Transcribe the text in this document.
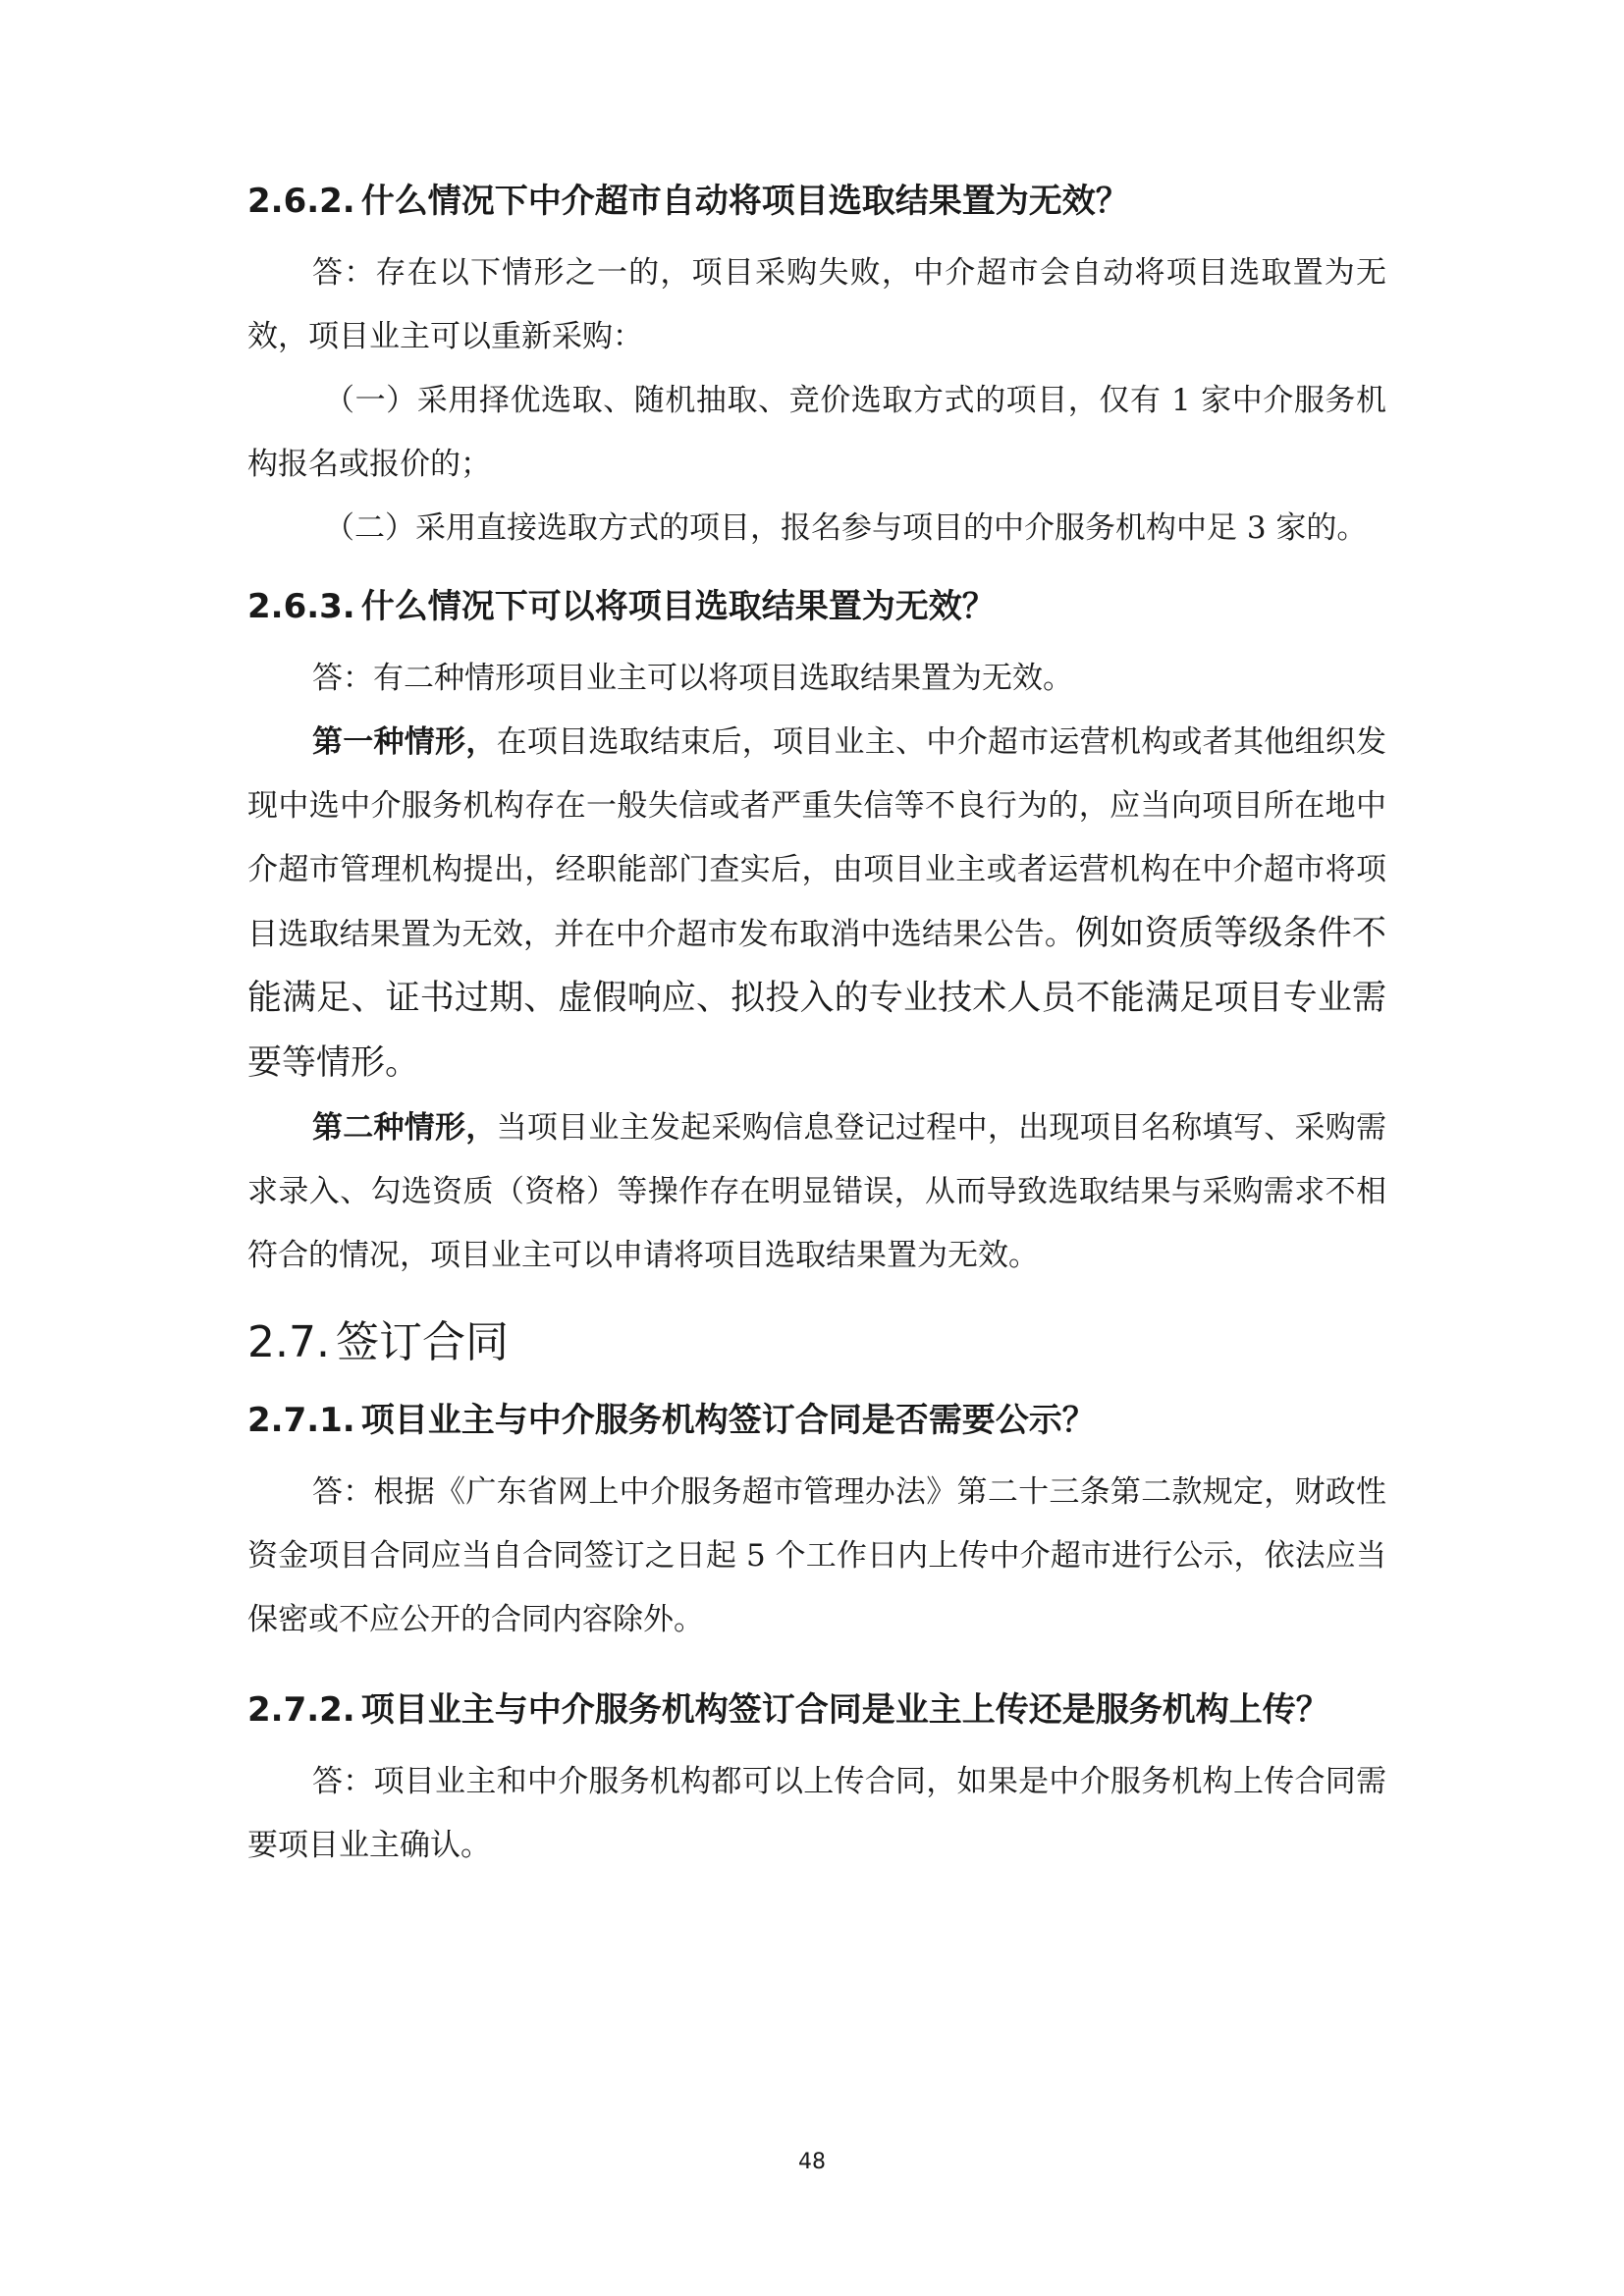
2.6.2. 什么情况下中介超市自动将项目选取结果置为无效？

答：存在以下情形之一的，项目采购失败，中介超市会自动将项目选取置为无效，项目业主可以重新采购：

（一）采用择优选取、随机抽取、竞价选取方式的项目，仅有 1 家中介服务机构报名或报价的；

（二）采用直接选取方式的项目，报名参与项目的中介服务机构中足 3 家的。

2.6.3. 什么情况下可以将项目选取结果置为无效？

答：有二种情形项目业主可以将项目选取结果置为无效。

第一种情形，在项目选取结束后，项目业主、中介超市运营机构或者其他组织发现中选中介服务机构存在一般失信或者严重失信等不良行为的，应当向项目所在地中介超市管理机构提出，经职能部门查实后，由项目业主或者运营机构在中介超市将项目选取结果置为无效，并在中介超市发布取消中选结果公告。例如资质等级条件不能满足、证书过期、虚假响应、拟投入的专业技术人员不能满足项目专业需要等情形。

第二种情形，当项目业主发起采购信息登记过程中，出现项目名称填写、采购需求录入、勾选资质（资格）等操作存在明显错误，从而导致选取结果与采购需求不相符合的情况，项目业主可以申请将项目选取结果置为无效。

2.7. 签订合同
2.7.1. 项目业主与中介服务机构签订合同是否需要公示？

答：根据《广东省网上中介服务超市管理办法》第二十三条第二款规定，财政性资金项目合同应当自合同签订之日起 5 个工作日内上传中介超市进行公示，依法应当保密或不应公开的合同内容除外。

2.7.2. 项目业主与中介服务机构签订合同是业主上传还是服务机构上传？

答：项目业主和中介服务机构都可以上传合同，如果是中介服务机构上传合同需要项目业主确认。

48
